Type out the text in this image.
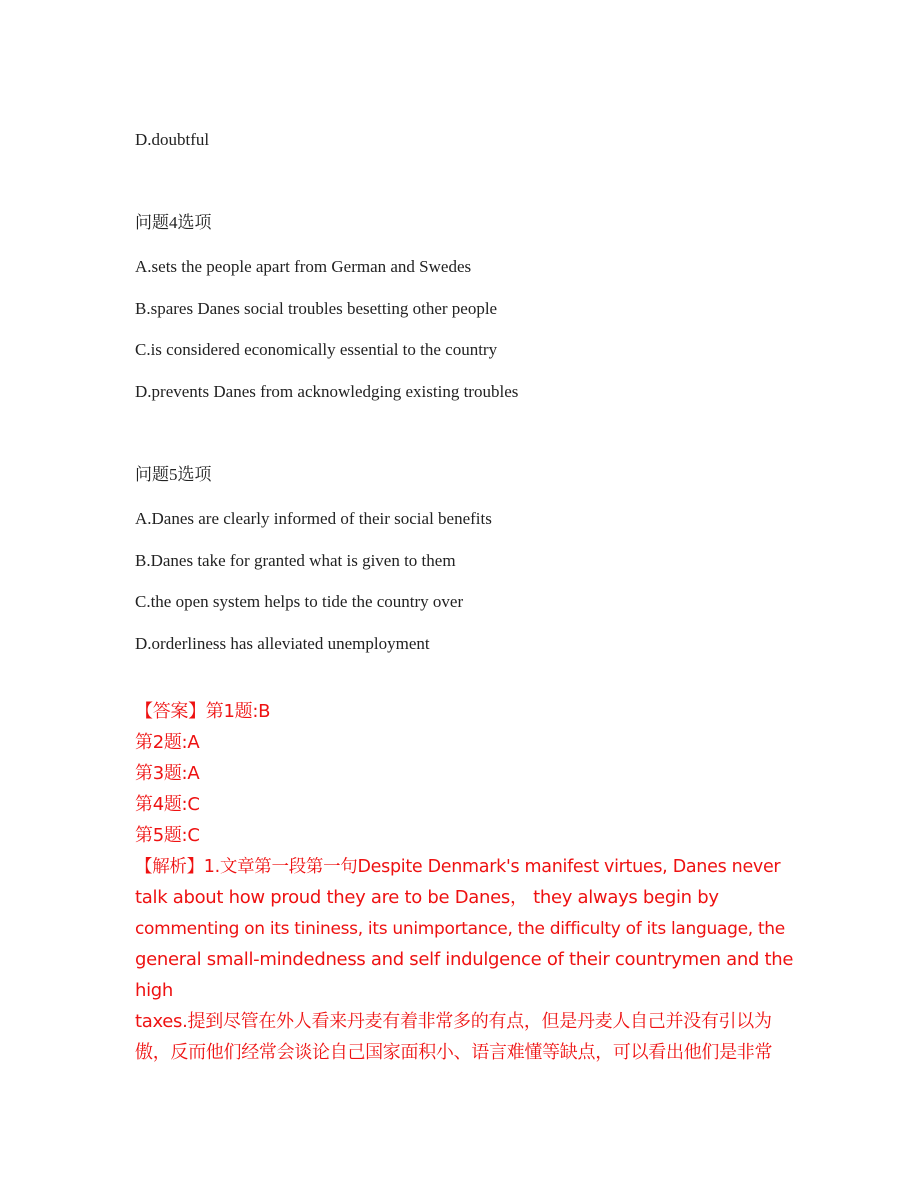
D.doubtful
问题4选项
A.sets the people apart from German and Swedes
B.spares Danes social troubles besetting other people
C.is considered economically essential to the country
D.prevents Danes from acknowledging existing troubles
问题5选项
A.Danes are clearly informed of their social benefits
B.Danes take for granted what is given to them
C.the open system helps to tide the country over
D.orderliness has alleviated unemployment
【答案】第1题:B
第2题:A
第3题:A
第4题:C
第5题:C
【解析】1.文章第一段第一句Despite Denmark's manifest virtues, Danes never
talk about how proud they are to be Danes， they always begin by
commenting on its tininess, its unimportance, the difficulty of its language, the
general small-mindedness and self indulgence of their countrymen and the
high
taxes.提到尽管在外人看来丹麦有着非常多的有点，但是丹麦人自己并没有引以为
傲，反而他们经常会谈论自己国家面积小、语言难懂等缺点，可以看出他们是非常
